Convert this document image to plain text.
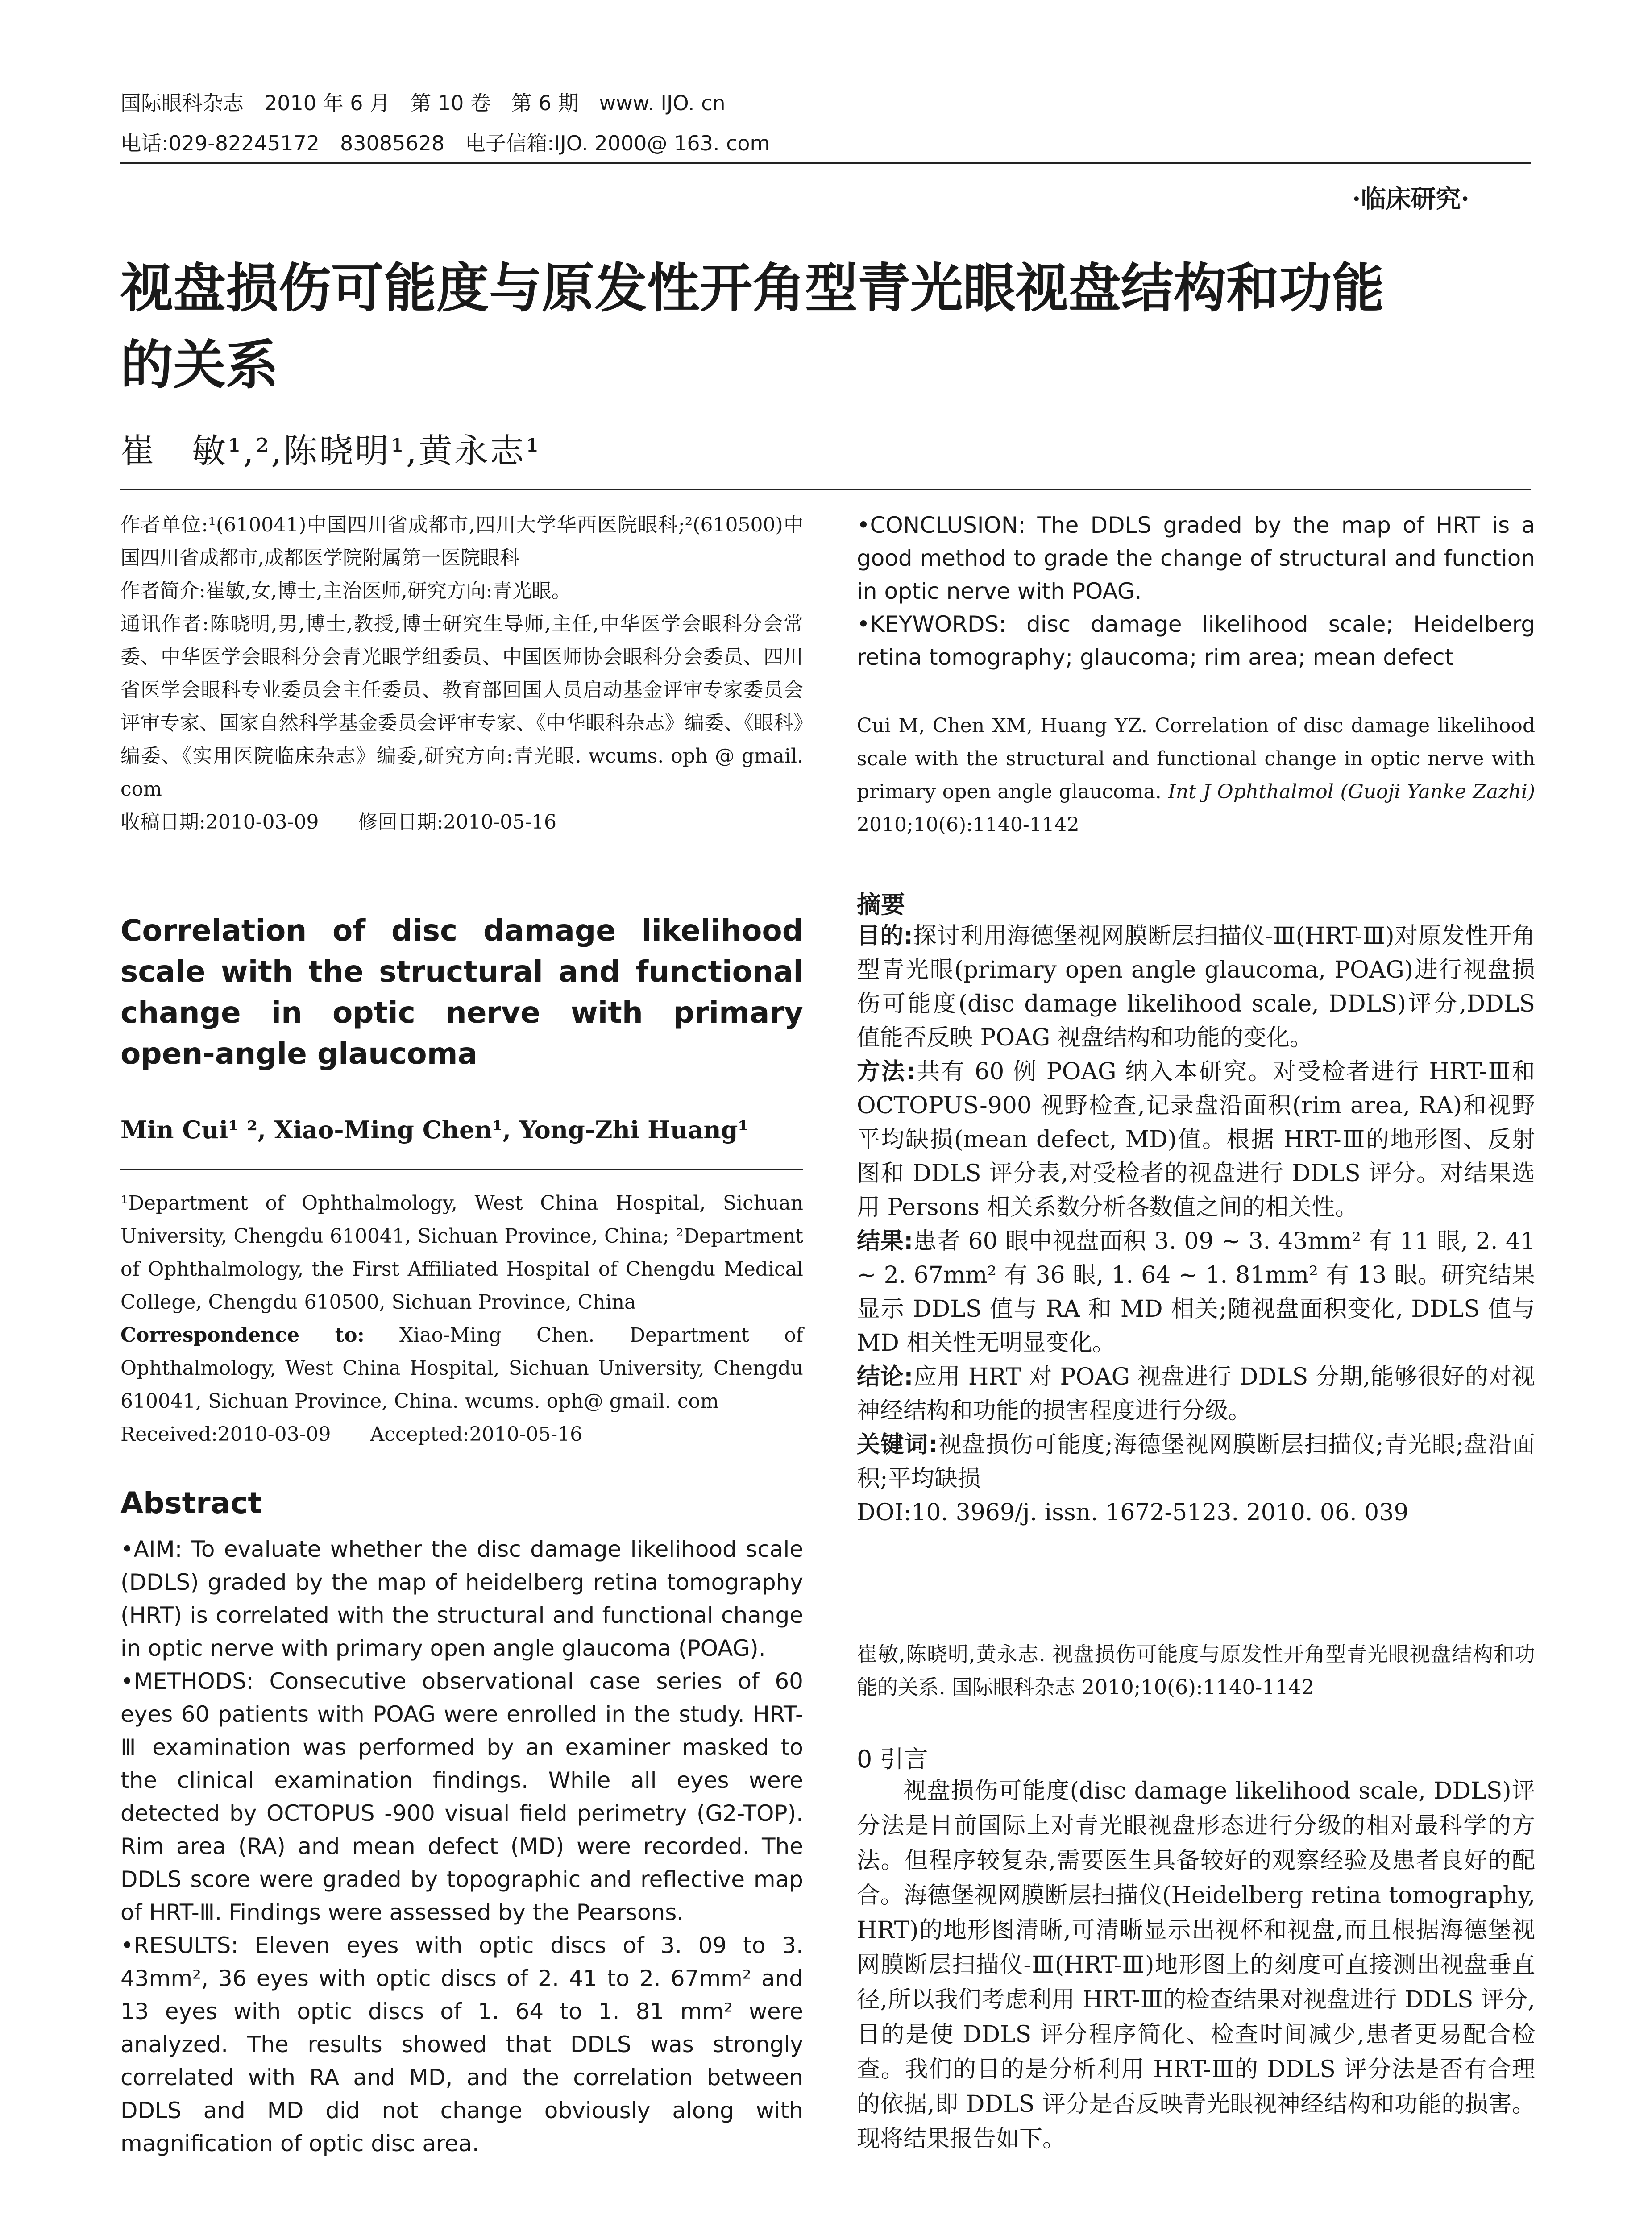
国际眼科杂志　2010 年 6 月　第 10 卷　第 6 期　www. IJO. cn
电话:029-82245172　83085628　电子信箱:IJO. 2000@ 163. com
·临床研究·
视盘损伤可能度与原发性开角型青光眼视盘结构和功能
的关系
崔　敏¹,²,陈晓明¹,黄永志¹

作者单位:¹(610041)中国四川省成都市,四川大学华西医院眼科;²(610500)中国四川省成都市,成都医学院附属第一医院眼科

作者简介:崔敏,女,博士,主治医师,研究方向:青光眼。

通讯作者:陈晓明,男,博士,教授,博士研究生导师,主任,中华医学会眼科分会常委、中华医学会眼科分会青光眼学组委员、中国医师协会眼科分会委员、四川省医学会眼科专业委员会主任委员、教育部回国人员启动基金评审专家委员会评审专家、国家自然科学基金委员会评审专家、《中华眼科杂志》编委、《眼科》编委、《实用医院临床杂志》编委,研究方向:青光眼. wcums. oph @ gmail. com

收稿日期:2010-03-09　　修回日期:2010-05-16

Correlation of disc damage likelihood scale with the structural and functional change in optic nerve with primary open-angle glaucoma
Min Cui¹ ², Xiao-Ming Chen¹, Yong-Zhi Huang¹

¹Department of Ophthalmology, West China Hospital, Sichuan University, Chengdu 610041, Sichuan Province, China; ²Department of Ophthalmology, the First Affiliated Hospital of Chengdu Medical College, Chengdu 610500, Sichuan Province, China

Correspondence to: Xiao-Ming Chen. Department of Ophthalmology, West China Hospital, Sichuan University, Chengdu 610041, Sichuan Province, China. wcums. oph@ gmail. com

Received:2010-03-09　　Accepted:2010-05-16

Abstract

• AIM: To evaluate whether the disc damage likelihood scale (DDLS) graded by the map of heidelberg retina tomography (HRT) is correlated with the structural and functional change in optic nerve with primary open angle glaucoma (POAG).

• METHODS: Consecutive observational case series of 60 eyes 60 patients with POAG were enrolled in the study. HRT-Ⅲ examination was performed by an examiner masked to the clinical examination findings. While all eyes were detected by OCTOPUS -900 visual field perimetry (G2-TOP). Rim area (RA) and mean defect (MD) were recorded. The DDLS score were graded by topographic and reflective map of HRT-Ⅲ. Findings were assessed by the Pearsons.

• RESULTS: Eleven eyes with optic discs of 3. 09 to 3. 43mm², 36 eyes with optic discs of 2. 41 to 2. 67mm² and 13 eyes with optic discs of 1. 64 to 1. 81 mm² were analyzed. The results showed that DDLS was strongly correlated with RA and MD, and the correlation between DDLS and MD did not change obviously along with magnification of optic disc area.

• CONCLUSION: The DDLS graded by the map of HRT is a good method to grade the change of structural and function in optic nerve with POAG.

• KEYWORDS: disc damage likelihood scale; Heidelberg retina tomography; glaucoma; rim area; mean defect

Cui M, Chen XM, Huang YZ. Correlation of disc damage likelihood scale with the structural and functional change in optic nerve with primary open angle glaucoma. Int J Ophthalmol (Guoji Yanke Zazhi) 2010;10(6):1140-1142
摘要

目的:探讨利用海德堡视网膜断层扫描仪-Ⅲ(HRT-Ⅲ)对原发性开角型青光眼(primary open angle glaucoma, POAG)进行视盘损伤可能度(disc damage likelihood scale, DDLS)评分,DDLS 值能否反映 POAG 视盘结构和功能的变化。

方法:共有 60 例 POAG 纳入本研究。对受检者进行 HRT-Ⅲ和 OCTOPUS-900 视野检查,记录盘沿面积(rim area, RA)和视野平均缺损(mean defect, MD)值。根据 HRT-Ⅲ的地形图、反射图和 DDLS 评分表,对受检者的视盘进行 DDLS 评分。对结果选用 Persons 相关系数分析各数值之间的相关性。

结果:患者 60 眼中视盘面积 3. 09 ~ 3. 43mm² 有 11 眼, 2. 41 ~ 2. 67mm² 有 36 眼, 1. 64 ~ 1. 81mm² 有 13 眼。研究结果显示 DDLS 值与 RA 和 MD 相关;随视盘面积变化, DDLS 值与 MD 相关性无明显变化。

结论:应用 HRT 对 POAG 视盘进行 DDLS 分期,能够很好的对视神经结构和功能的损害程度进行分级。

关键词:视盘损伤可能度;海德堡视网膜断层扫描仪;青光眼;盘沿面积;平均缺损

DOI:10. 3969/j. issn. 1672-5123. 2010. 06. 039

崔敏,陈晓明,黄永志. 视盘损伤可能度与原发性开角型青光眼视盘结构和功能的关系. 国际眼科杂志 2010;10(6):1140-1142
0 引言
视盘损伤可能度(disc damage likelihood scale, DDLS)评分法是目前国际上对青光眼视盘形态进行分级的相对最科学的方法。但程序较复杂,需要医生具备较好的观察经验及患者良好的配合。海德堡视网膜断层扫描仪(Heidelberg retina tomography, HRT)的地形图清晰,可清晰显示出视杯和视盘,而且根据海德堡视网膜断层扫描仪-Ⅲ(HRT-Ⅲ)地形图上的刻度可直接测出视盘垂直径,所以我们考虑利用 HRT-Ⅲ的检查结果对视盘进行 DDLS 评分,目的是使 DDLS 评分程序简化、检查时间减少,患者更易配合检查。我们的目的是分析利用 HRT-Ⅲ的 DDLS 评分法是否有合理的依据,即 DDLS 评分是否反映青光眼视神经结构和功能的损害。现将结果报告如下。
